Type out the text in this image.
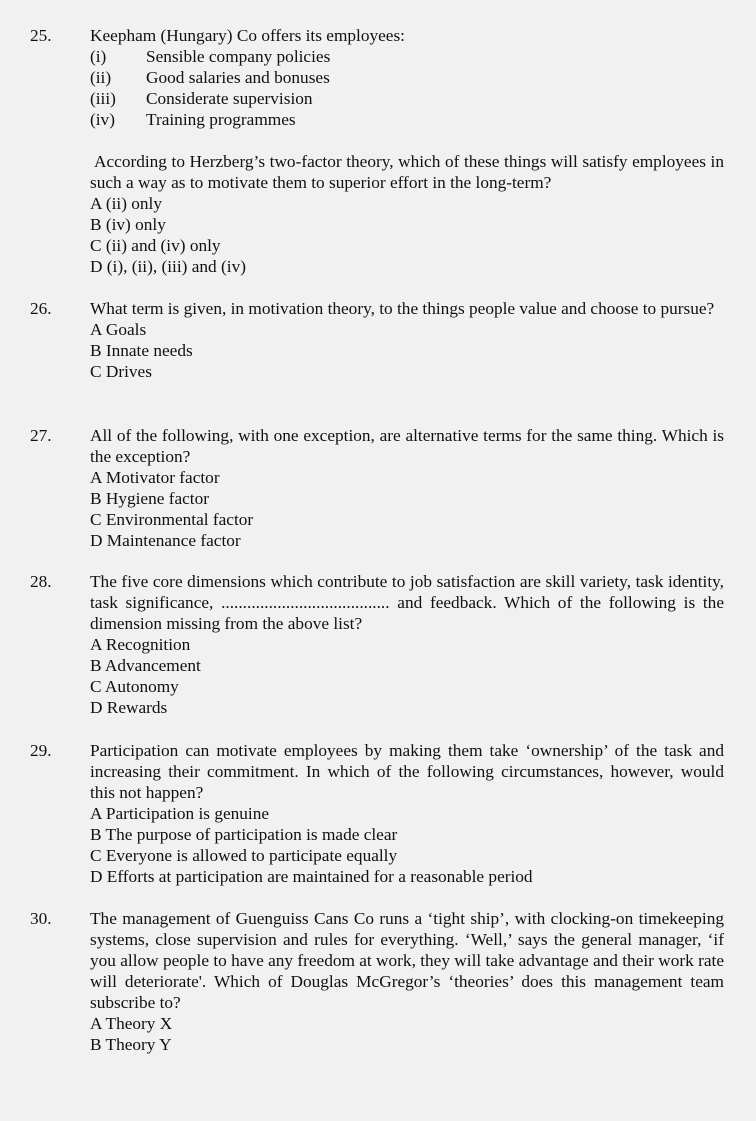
25. Keepham (Hungary) Co offers its employees:

(i)	Sensible company policies
(ii)	Good salaries and bonuses
(iii)	Considerate supervision
(iv)	Training programmes

According to Herzberg’s two-factor theory, which of these things will satisfy employees in such a way as to motivate them to superior effort in the long-term?

A (ii) only

B (iv) only

C (ii) and (iv) only

D (i), (ii), (iii) and (iv)

26. What term is given, in motivation theory, to the things people value and choose to pursue?

A Goals

B Innate needs

C Drives

27. All of the following, with one exception, are alternative terms for the same thing. Which is the exception?

A Motivator factor

B Hygiene factor

C Environmental factor

D Maintenance factor

28. The five core dimensions which contribute to job satisfaction are skill variety, task identity, task significance, ....................................... and feedback. Which of the following is the dimension missing from the above list?

A Recognition

B Advancement

C Autonomy

D Rewards

29. Participation can motivate employees by making them take ‘ownership’ of the task and increasing their commitment. In which of the following circumstances, however, would this not happen?

A Participation is genuine

B The purpose of participation is made clear

C Everyone is allowed to participate equally

D Efforts at participation are maintained for a reasonable period

30. The management of Guenguiss Cans Co runs a ‘tight ship’, with clocking-on timekeeping systems, close supervision and rules for everything. ‘Well,’ says the general manager, ‘if you allow people to have any freedom at work, they will take advantage and their work rate will deteriorate'. Which of Douglas McGregor’s ‘theories’ does this management team subscribe to?

A Theory X

B Theory Y
